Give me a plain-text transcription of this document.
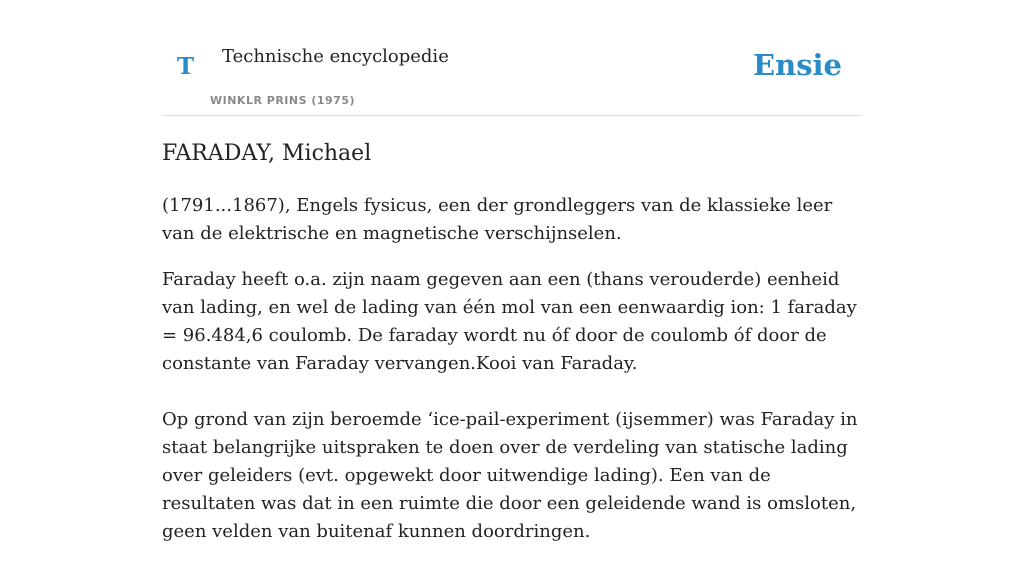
T Technische encyclopedie
WINKLR PRINS (1975)
Ensie
FARADAY, Michael

(1791...1867), Engels fysicus, een der grondleggers van de klassieke leer van de elektrische en magnetische verschijnselen.

Faraday heeft o.a. zijn naam gegeven aan een (thans verouderde) eenheid van lading, en wel de lading van één mol van een eenwaardig ion: 1 faraday = 96.484,6 coulomb. De faraday wordt nu óf door de coulomb óf door de constante van Faraday vervangen.Kooi van Faraday.

Op grond van zijn beroemde ‘ice-pail-experiment (ijsemmer) was Faraday in staat belangrijke uitspraken te doen over de verdeling van statische lading over geleiders (evt. opgewekt door uitwendige lading). Een van de resultaten was dat in een ruimte die door een geleidende wand is omsloten, geen velden van buitenaf kunnen doordringen.
